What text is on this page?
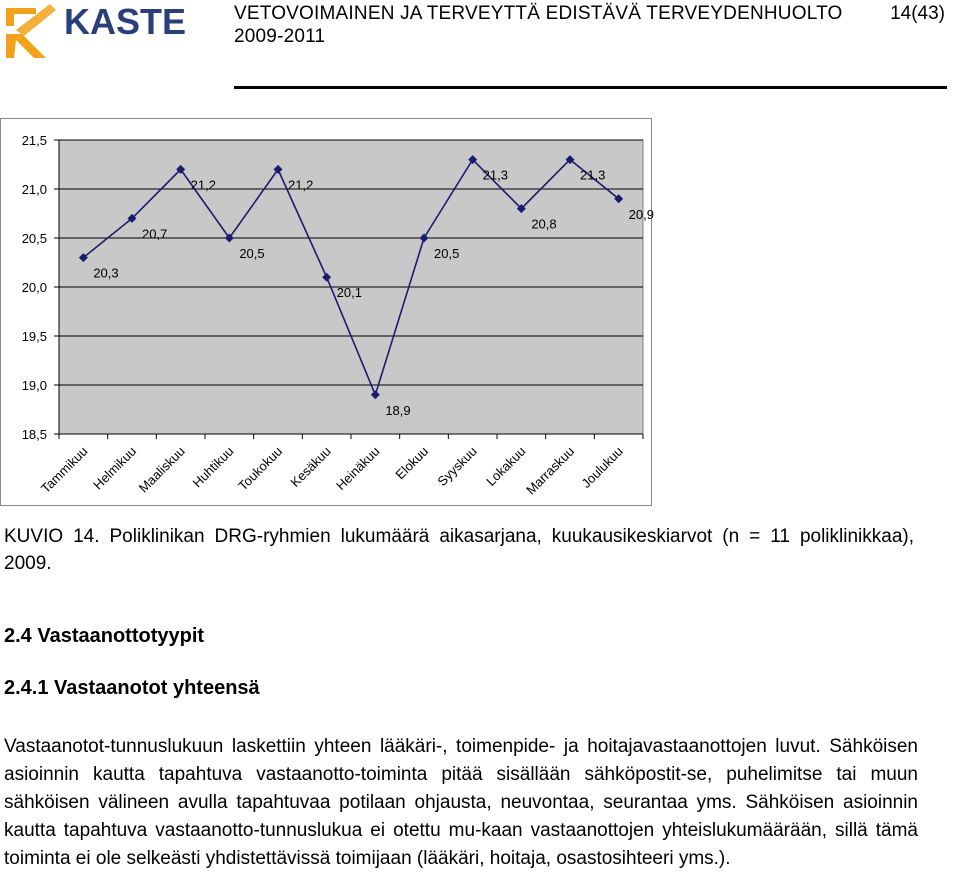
KASTE	VETOVOIMAINEN JA TERVEYTTÄ EDISTÄVÄ TERVEYDENHUOLTO
2009-2011
14(43)
18,5
19,0
19,5
20,0
20,5
21,0
21,5
Tammikuu Helmikuu
Maaliskuu Huhtikuu
Toukokuu Kesäkuu Heinäkuu Elokuu Syyskuu Lokakuu
Marraskuu Joulukuu
20,3
20,7
21,2
20,5
21,2
20,1
18,9
20,5
21,3
20,8
21,3
20,9
KUVIO 14. Poliklinikan DRG-ryhmien lukumäärä aikasarjana, kuukausikeskiarvot (n = 11 poliklinikkaa), 2009.
2.4 Vastaanottotyypit
2.4.1 Vastaanotot yhteensä
Vastaanotot-tunnuslukuun laskettiin yhteen lääkäri-, toimenpide- ja hoitajavastaanottojen luvut. Sähköisen asioinnin kautta tapahtuva vastaanotto-toiminta pitää sisällään sähköpostit-se, puhelimitse tai muun sähköisen välineen avulla tapahtuvaa potilaan ohjausta, neuvontaa, seurantaa yms. Sähköisen asioinnin kautta tapahtuva vastaanotto-tunnuslukua ei otettu mu-kaan vastaanottojen yhteislukumäärään, sillä tämä toiminta ei ole selkeästi yhdistettävissä toimijaan (lääkäri, hoitaja, osastosihteeri yms.).
